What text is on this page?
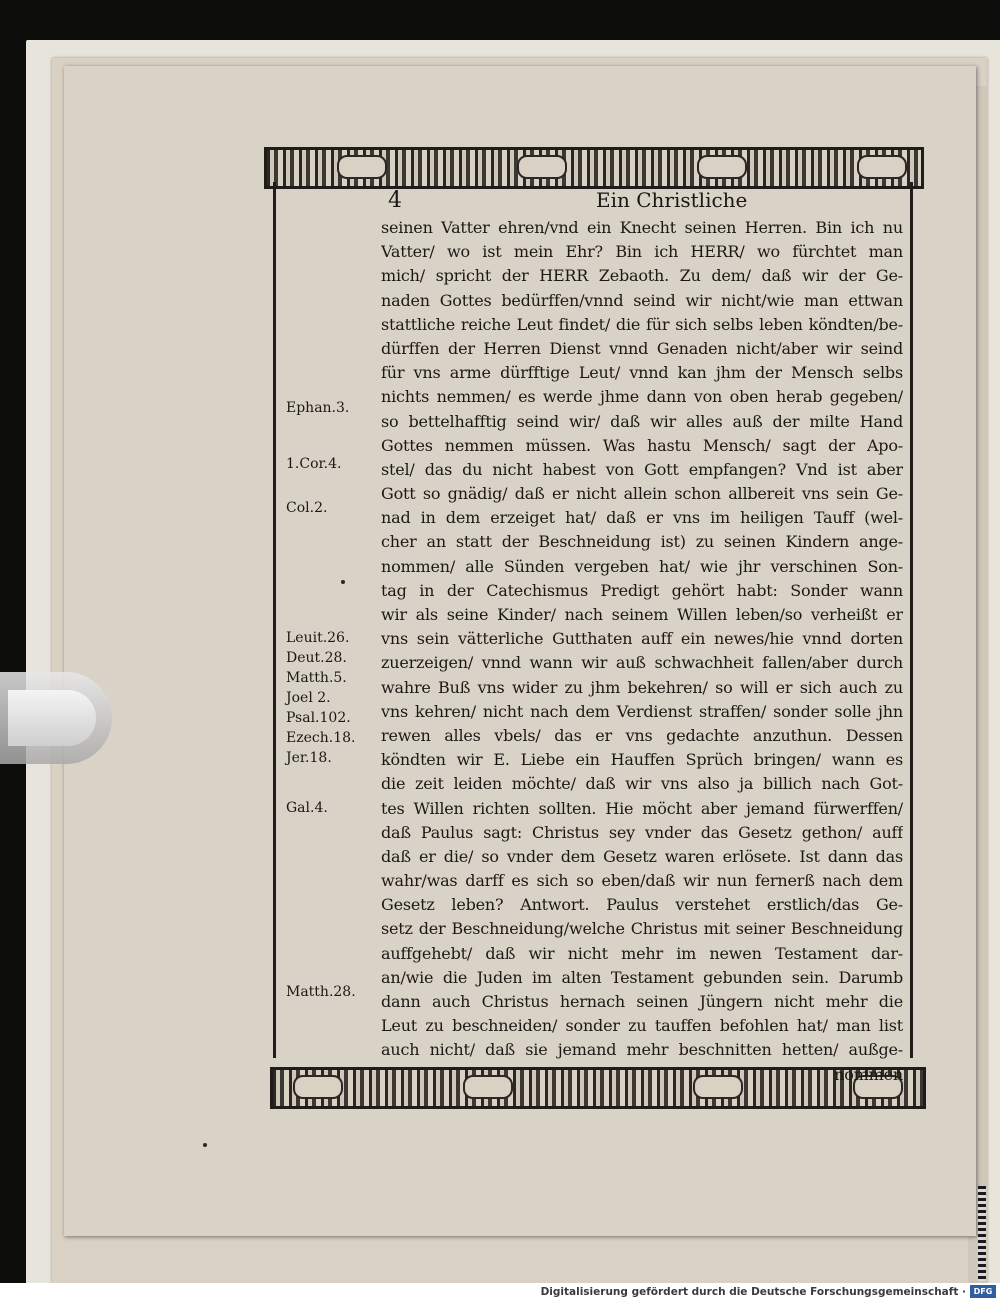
4	Ein Christliche
seinen Vatter ehren/vnd ein Knecht seinen Herren. Bin ich nu
Vatter/ wo ist mein Ehr? Bin ich HERR/ wo fürchtet man
mich/ spricht der HERR Zebaoth. Zu dem/ daß wir der Ge-
naden Gottes bedürffen/vnnd seind wir nicht/wie man ettwan
stattliche reiche Leut findet/ die für sich selbs leben köndten/be-
dürffen der Herren Dienst vnnd Genaden nicht/aber wir seind
für vns arme dürfftige Leut/ vnnd kan jhm der Mensch selbs
nichts nemmen/ es werde jhme dann von oben herab gegeben/
so bettelhafftig seind wir/ daß wir alles auß der milte Hand
Gottes nemmen müssen. Was hastu Mensch/ sagt der Apo-
stel/ das du nicht habest von Gott empfangen? Vnd ist aber
Gott so gnädig/ daß er nicht allein schon allbereit vns sein Ge-
nad in dem erzeiget hat/ daß er vns im heiligen Tauff (wel-
cher an statt der Beschneidung ist) zu seinen Kindern ange-
nommen/ alle Sünden vergeben hat/ wie jhr verschinen Son-
tag in der Catechismus Predigt gehört habt: Sonder wann
wir als seine Kinder/ nach seinem Willen leben/so verheißt er
vns sein vätterliche Gutthaten auff ein newes/hie vnnd dorten
zuerzeigen/ vnnd wann wir auß schwachheit fallen/aber durch
wahre Buß vns wider zu jhm bekehren/ so will er sich auch zu
vns kehren/ nicht nach dem Verdienst straffen/ sonder solle jhn
rewen alles vbels/ das er vns gedachte anzuthun. Dessen
köndten wir E. Liebe ein Hauffen Sprüch bringen/ wann es
die zeit leiden möchte/ daß wir vns also ja billich nach Got-
tes Willen richten sollten. Hie möcht aber jemand fürwerffen/
daß Paulus sagt: Christus sey vnder das Gesetz gethon/ auff
daß er die/ so vnder dem Gesetz waren erlösete. Ist dann das
wahr/was darff es sich so eben/daß wir nun fernerß nach dem
Gesetz leben? Antwort. Paulus verstehet erstlich/das Ge-
setz der Beschneidung/welche Christus mit seiner Beschneidung
auffgehebt/ daß wir nicht mehr im newen Testament dar-
an/wie die Juden im alten Testament gebunden sein. Darumb
dann auch Christus hernach seinen Jüngern nicht mehr die
Leut zu beschneiden/ sonder zu tauffen befohlen hat/ man list
auch nicht/ daß sie jemand mehr beschnitten hetten/ außge-
nommen
Ephan.3.
1.Cor.4.
Col.2.
Leuit.26.
Deut.28.
Matth.5.
Joel 2.
Psal.102.
Ezech.18.
Jer.18.
Gal.4.
Matth.28.
Digitalisierung gefördert durch die Deutsche Forschungsgemeinschaft · DFG
